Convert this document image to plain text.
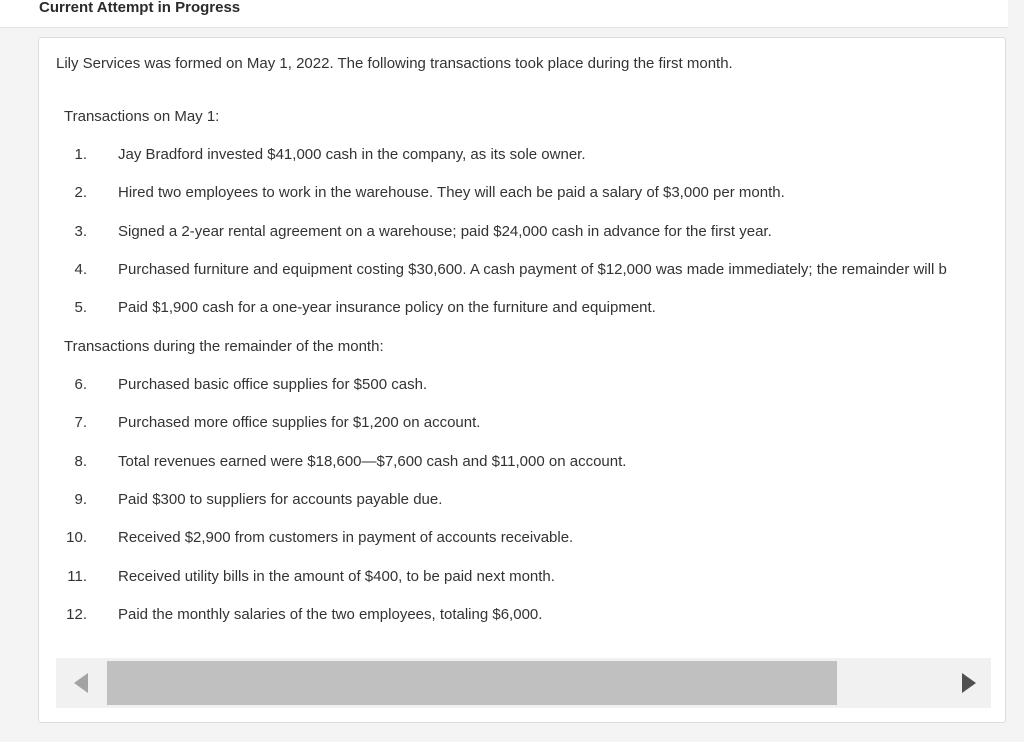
Current Attempt in Progress
Lily Services was formed on May 1, 2022. The following transactions took place during the first month.
Transactions on May 1:
1. Jay Bradford invested $41,000 cash in the company, as its sole owner.
2. Hired two employees to work in the warehouse. They will each be paid a salary of $3,000 per month.
3. Signed a 2-year rental agreement on a warehouse; paid $24,000 cash in advance for the first year.
4. Purchased furniture and equipment costing $30,600. A cash payment of $12,000 was made immediately; the remainder will b
5. Paid $1,900 cash for a one-year insurance policy on the furniture and equipment.
Transactions during the remainder of the month:
6. Purchased basic office supplies for $500 cash.
7. Purchased more office supplies for $1,200 on account.
8. Total revenues earned were $18,600—$7,600 cash and $11,000 on account.
9. Paid $300 to suppliers for accounts payable due.
10. Received $2,900 from customers in payment of accounts receivable.
11. Received utility bills in the amount of $400, to be paid next month.
12. Paid the monthly salaries of the two employees, totaling $6,000.
